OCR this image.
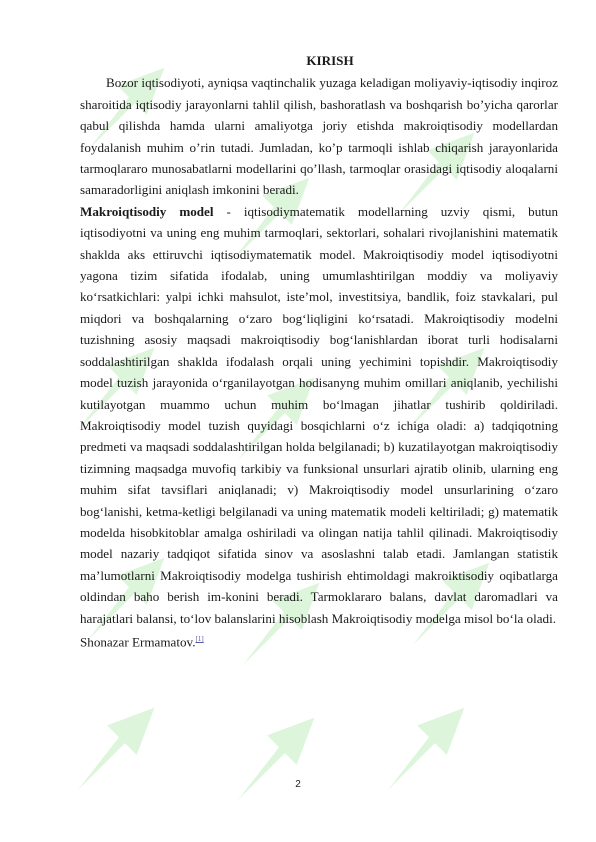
KIRISH

Bozor iqtisodiyoti, ayniqsa vaqtinchalik yuzaga keladigan moliyaviy-iqtisodiy inqiroz sharoitida iqtisodiy jarayonlarni tahlil qilish, bashoratlash va boshqarish bo’yicha qarorlar qabul qilishda hamda ularni amaliyotga joriy etishda makroiqtisodiy modellardan foydalanish muhim o’rin tutadi. Jumladan, ko’p tarmoqli ishlab chiqarish jarayonlarida tarmoqlararo munosabatlarni modellarini qo’llash, tarmoqlar orasidagi iqtisodiy aloqalarni samaradorligini aniqlash imkonini beradi.

Makroiqtisodiy model - iqtisodiymatematik modellarning uzviy qismi, butun iqtisodiyotni va uning eng muhim tarmoqlari, sektorlari, sohalari rivojlanishini matematik shaklda aks ettiruvchi iqtisodiymatematik model. Makroiqtisodiy model iqtisodiyotni yagona tizim sifatida ifodalab, uning umumlashtirilgan moddiy va moliyaviy ko‘rsatkichlari: yalpi ichki mahsulot, iste’mol, investitsiya, bandlik, foiz stavkalari, pul miqdori va boshqalarning o‘zaro bog‘liqligini ko‘rsatadi. Makroiqtisodiy modelni tuzishning asosiy maqsadi makroiqtisodiy bog‘lanishlardan iborat turli hodisalarni soddalashtirilgan shaklda ifodalash orqali uning yechimini topishdir. Makroiqtisodiy model tuzish jarayonida o‘rganilayotgan hodisanyng muhim omillari aniqlanib, yechilishi kutilayotgan muammo uchun muhim bo‘lmagan jihatlar tushirib qoldiriladi. Makroiqtisodiy model tuzish quyidagi bosqichlarni o‘z ichiga oladi: a) tadqiqotning predmeti va maqsadi soddalashtirilgan holda belgilanadi; b) kuzatilayotgan makroiqtisodiy tizimning maqsadga muvofiq tarkibiy va funksional unsurlari ajratib olinib, ularning eng muhim sifat tavsiflari aniqlanadi; v) Makroiqtisodiy model unsurlarining o‘zaro bog‘lanishi, ketma-ketligi belgilanadi va uning matematik modeli keltiriladi; g) matematik modelda hisobkitoblar amalga oshiriladi va olingan natija tahlil qilinadi. Makroiqtisodiy model nazariy tadqiqot sifatida sinov va asoslashni talab etadi. Jamlangan statistik ma’lumotlarni Makroiqtisodiy modelga tushirish ehtimoldagi makroiktisodiy oqibatlarga oldindan baho berish im-konini beradi. Tarmoklararo balans, davlat daromadlari va harajatlari balansi, to‘lov balanslarini hisoblash Makroiqtisodiy modelga misol bo‘la oladi.

Shonazar Ermamatov.[1]

2
